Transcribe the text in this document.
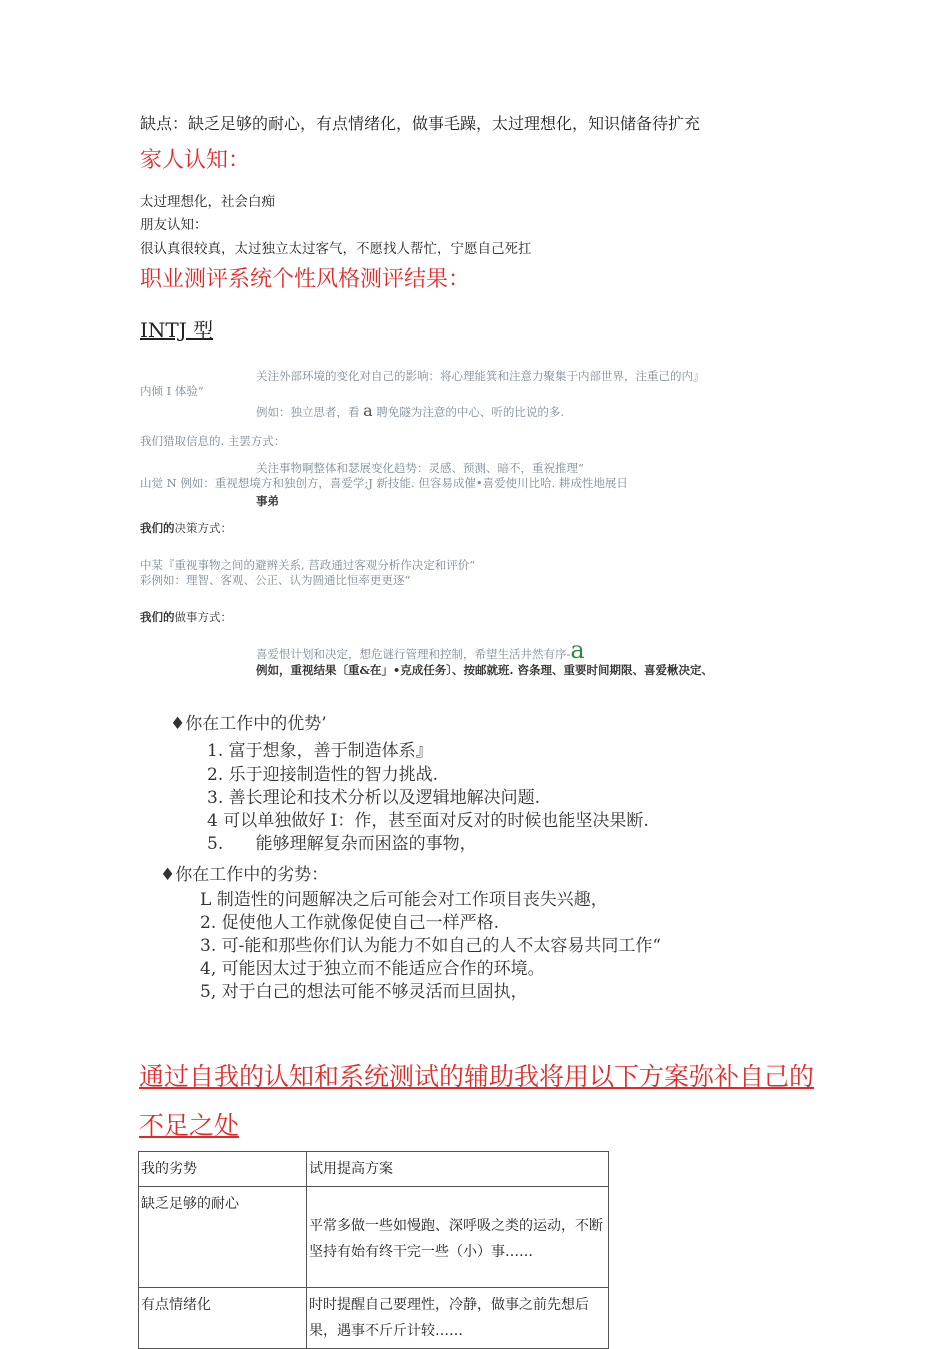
缺点：缺乏足够的耐心，有点情绪化，做事毛躁，太过理想化，知识储备待扩充
家人认知：
太过理想化，社会白痴
朋友认知：
很认真很较真，太过独立太过客气，不愿找人帮忙，宁愿自己死扛
职业测评系统个性风格测评结果：
INTJ 型
关注外部环境的变化对自己的影响：将心理能箕和注意力聚集于内部世界，注重己的内』
内倾 I 体验”
例如：独立思者，看 a 聘免隧为注意的中心、听的比说的多.
我们猎取信息的. 主罢方式：
关注事物啊整体和瑟展变化趋势：灵感、预测、暗不，重祝推理“
山觉 N 例如：重视想境方和独创方，喜爱学;J 新技能. 但容易成催•喜爱使川比哈. 耕成性地展日
事弟
我们的决策方式：
中某『重视事物之间的避辨关系, 莒政通过客观分析作决定和评价“
彩例如：理智、客观、公正、认为圆通比恒率更更逐“
我们的做事方式：
喜爱恨计划和决定，想危谜行管理和控制，希望生活井然有序-a
例如，重视结果〔重&在」•克成任务〕、按邮就班. 咨条理、重要时间期限、喜爱楸决定、
♦你在工作中的优势’
1. 富于想象，善于制造体系』
2. 乐于迎接制造性的智力挑战.
3. 善长理论和技术分析以及逻辑地解决问题.
4 可以单独做好 I：作，甚至面对反对的时候也能坚决果断.
5.      能够理解复杂而困盗的事物，
♦你在工作中的劣势：
L 制造性的问题解决之后可能会对工作项目丧失兴趣，
2. 促使他人工作就像促使自己一样严格.
3. 可-能和那些你们认为能力不如自己的人不太容易共同工作“
4, 可能因太过于独立而不能适应合作的环境。
5, 对于白己的想法可能不够灵活而旦固执，
通过自我的认知和系统测试的辅助我将用以下方案弥补自己的
不足之处
我的劣势	试用提高方案
缺乏足够的耐心	平常多做一些如慢跑、深呼吸之类的运动，不断坚持有始有终干完一些（小）事……
有点情绪化	时时提醒自己要理性，冷静，做事之前先想后果，遇事不斤斤计较……
